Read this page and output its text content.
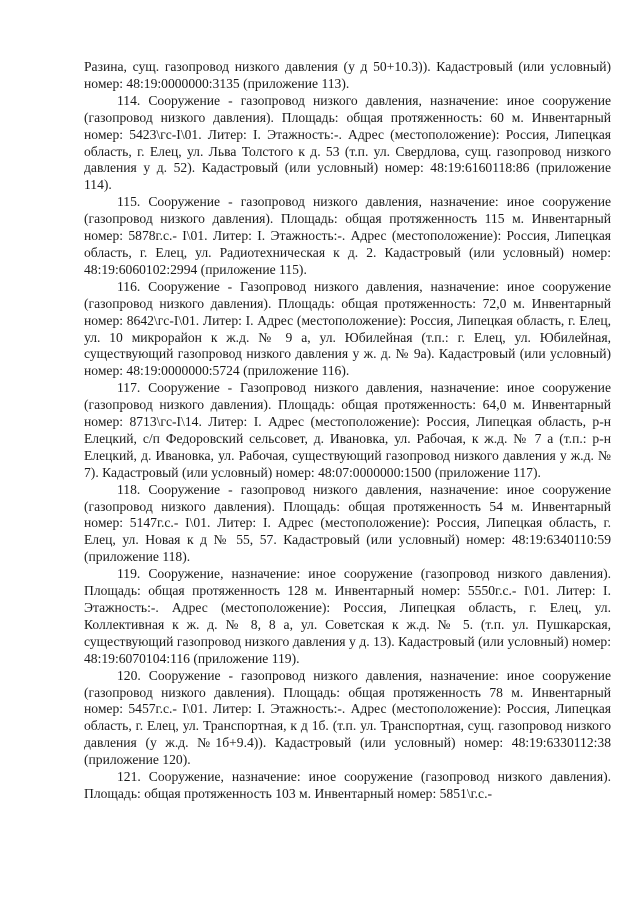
Разина, сущ. газопровод низкого давления (у д 50+10.3)). Кадастровый (или условный) номер: 48:19:0000000:3135 (приложение 113).

114. Сооружение - газопровод низкого давления, назначение: иное сооружение (газопровод низкого давления). Площадь: общая протяженность: 60 м. Инвентарный номер: 5423\гс-I\01. Литер: I. Этажность:-. Адрес (местоположение): Россия, Липецкая область, г. Елец, ул. Льва Толстого к д. 53 (т.п. ул. Свердлова, сущ. газопровод низкого давления у д. 52). Кадастровый (или условный) номер: 48:19:6160118:86 (приложение 114).

115. Сооружение - газопровод низкого давления, назначение: иное сооружение (газопровод низкого давления). Площадь: общая протяженность 115 м. Инвентарный номер: 5878г.с.- I\01. Литер: I. Этажность:-. Адрес (местоположение): Россия, Липецкая область, г. Елец, ул. Радиотехническая к д. 2. Кадастровый (или условный) номер: 48:19:6060102:2994 (приложение 115).

116. Сооружение - Газопровод низкого давления, назначение: иное сооружение (газопровод низкого давления). Площадь: общая протяженность: 72,0 м. Инвентарный номер: 8642\гс-I\01. Литер: I. Адрес (местоположение): Россия, Липецкая область, г. Елец, ул. 10 микрорайон к ж.д. № 9 а, ул. Юбилейная (т.п.: г. Елец, ул. Юбилейная, существующий газопровод низкого давления у ж. д. № 9а). Кадастровый (или условный) номер: 48:19:0000000:5724 (приложение 116).

117. Сооружение - Газопровод низкого давления, назначение: иное сооружение (газопровод низкого давления). Площадь: общая протяженность: 64,0 м. Инвентарный номер: 8713\гс-I\14. Литер: I. Адрес (местоположение): Россия, Липецкая область, р-н Елецкий, с/п Федоровский сельсовет, д. Ивановка, ул. Рабочая, к ж.д. № 7 а (т.п.: р-н Елецкий, д. Ивановка, ул. Рабочая, существующий газопровод низкого давления у ж.д. № 7). Кадастровый (или условный) номер: 48:07:0000000:1500 (приложение 117).

118. Сооружение - газопровод низкого давления, назначение: иное сооружение (газопровод низкого давления). Площадь: общая протяженность 54 м. Инвентарный номер: 5147г.с.- I\01. Литер: I. Адрес (местоположение): Россия, Липецкая область, г. Елец, ул. Новая к д № 55, 57. Кадастровый (или условный) номер: 48:19:6340110:59 (приложение 118).

119. Сооружение, назначение: иное сооружение (газопровод низкого давления). Площадь: общая протяженность 128 м. Инвентарный номер: 5550г.с.- I\01. Литер: I. Этажность:-. Адрес (местоположение): Россия, Липецкая область, г. Елец, ул. Коллективная к ж. д. № 8, 8 а, ул. Советская к ж.д. № 5. (т.п. ул. Пушкарская, существующий газопровод низкого давления у д. 13). Кадастровый (или условный) номер: 48:19:6070104:116 (приложение 119).

120. Сооружение - газопровод низкого давления, назначение: иное сооружение (газопровод низкого давления). Площадь: общая протяженность 78 м. Инвентарный номер: 5457г.с.- I\01. Литер: I. Этажность:-. Адрес (местоположение): Россия, Липецкая область, г. Елец, ул. Транспортная, к д 1б. (т.п. ул. Транспортная, сущ. газопровод низкого давления (у ж.д. №1б+9.4)). Кадастровый (или условный) номер: 48:19:6330112:38 (приложение 120).

121. Сооружение, назначение: иное сооружение (газопровод низкого давления). Площадь: общая протяженность 103 м. Инвентарный номер: 5851\г.с.-
